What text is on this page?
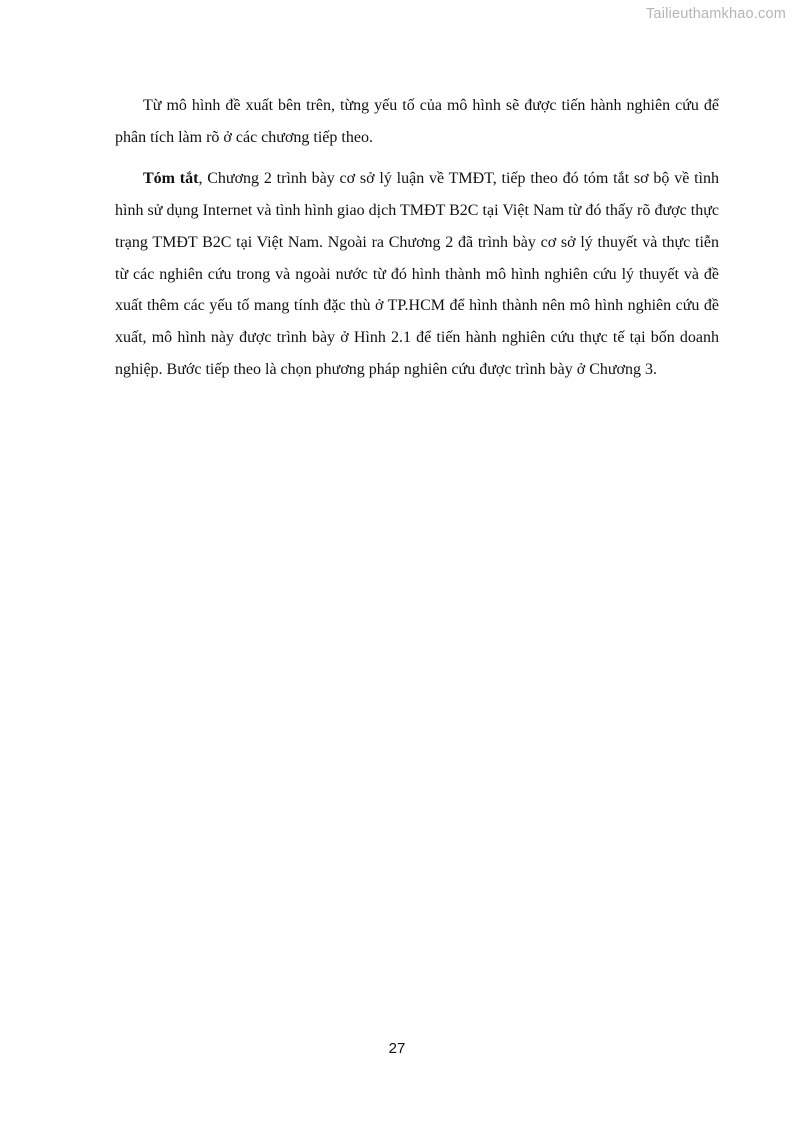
Tailieuthamkhao.com

Từ mô hình đề xuất bên trên, từng yếu tố của mô hình sẽ được tiến hành nghiên cứu để phân tích làm rõ ở các chương tiếp theo.

Tóm tắt, Chương 2 trình bày cơ sở lý luận về TMĐT, tiếp theo đó tóm tắt sơ bộ về tình hình sử dụng Internet và tình hình giao dịch TMĐT B2C tại Việt Nam từ đó thấy rõ được thực trạng TMĐT B2C tại Việt Nam. Ngoài ra Chương 2 đã trình bày cơ sở lý thuyết và thực tiễn từ các nghiên cứu trong và ngoài nước từ đó hình thành mô hình nghiên cứu lý thuyết và đề xuất thêm các yếu tố mang tính đặc thù ở TP.HCM để hình thành nên mô hình nghiên cứu đề xuất, mô hình này được trình bày ở Hình 2.1 để tiến hành nghiên cứu thực tế tại bốn doanh nghiệp. Bước tiếp theo là chọn phương pháp nghiên cứu được trình bày ở Chương 3.

27
